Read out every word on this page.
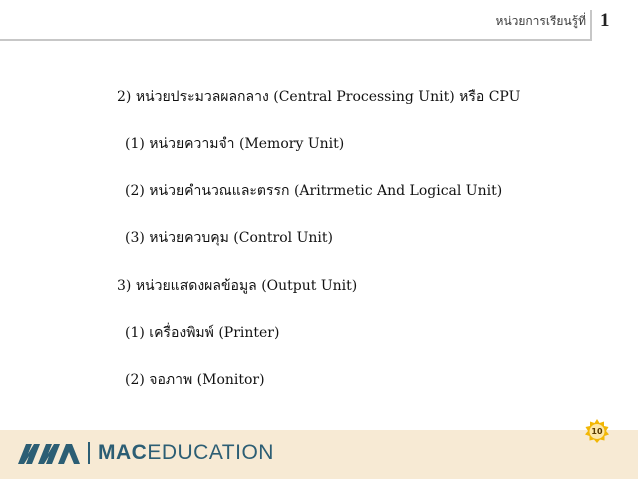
หน่วยการเรียนรู้ที่ 1
2) หน่วยประมวลผลกลาง (Central Processing Unit) หรือ CPU
(1) หน่วยความจำ (Memory Unit)
(2) หน่วยคำนวณและตรรก (Aritrmetic And Logical Unit)
(3) หน่วยควบคุม (Control Unit)
3) หน่วยแสดงผลข้อมูล (Output Unit)
(1) เครื่องพิมพ์ (Printer)
(2) จอภาพ (Monitor)
10
MACEDUCATION
